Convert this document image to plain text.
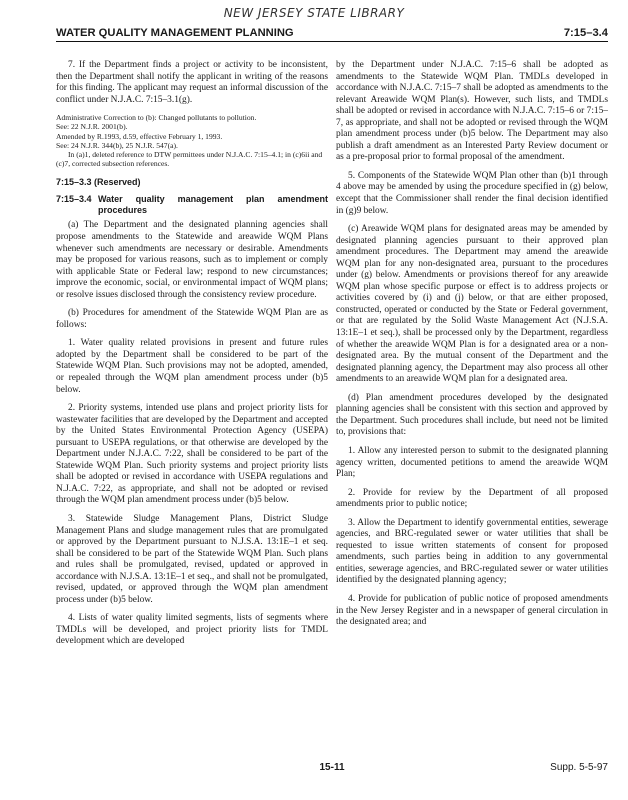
NEW JERSEY STATE LIBRARY
WATER QUALITY MANAGEMENT PLANNING	7:15–3.4

7. If the Department finds a project or activity to be inconsistent, then the Department shall notify the applicant in writing of the reasons for this finding. The applicant may request an informal discussion of the conflict under N.J.A.C. 7:15–3.1(g).

Administrative Correction to (b): Changed pollutants to pollution.
See: 22 N.J.R. 2001(b).
Amended by R.1993, d.59, effective February 1, 1993.
See: 24 N.J.R. 344(b), 25 N.J.R. 547(a).
In (a)1, deleted reference to DTW permittees under N.J.A.C. 7:15–4.1; in (c)6ii and (c)7, corrected subsection references.
7:15–3.3 (Reserved)
7:15–3.4 Water quality management plan amendment procedures

(a) The Department and the designated planning agencies shall propose amendments to the Statewide and areawide WQM Plans whenever such amendments are necessary or desirable. Amendments may be proposed for various reasons, such as to implement or comply with applicable State or Federal law; respond to new circumstances; improve the economic, social, or environmental impact of WQM plans; or resolve issues disclosed through the consistency review procedure.

(b) Procedures for amendment of the Statewide WQM Plan are as follows:

1. Water quality related provisions in present and future rules adopted by the Department shall be considered to be part of the Statewide WQM Plan. Such provisions may not be adopted, amended, or repealed through the WQM plan amendment process under (b)5 below.

2. Priority systems, intended use plans and project priority lists for wastewater facilities that are developed by the Department and accepted by the United States Environmental Protection Agency (USEPA) pursuant to USEPA regulations, or that otherwise are developed by the Department under N.J.A.C. 7:22, shall be considered to be part of the Statewide WQM Plan. Such priority systems and project priority lists shall be adopted or revised in accordance with USEPA regulations and N.J.A.C. 7:22, as appropriate, and shall not be adopted or revised through the WQM plan amendment process under (b)5 below.

3. Statewide Sludge Management Plans, District Sludge Management Plans and sludge management rules that are promulgated or approved by the Department pursuant to N.J.S.A. 13:1E–1 et seq. shall be considered to be part of the Statewide WQM Plan. Such plans and rules shall be promulgated, revised, updated or approved in accordance with N.J.S.A. 13:1E–1 et seq., and shall not be promulgated, revised, updated, or approved through the WQM plan amendment process under (b)5 below.

4. Lists of water quality limited segments, lists of segments where TMDLs will be developed, and project priority lists for TMDL development which are developed

by the Department under N.J.A.C. 7:15–6 shall be adopted as amendments to the Statewide WQM Plan. TMDLs developed in accordance with N.J.A.C. 7:15–7 shall be adopted as amendments to the relevant Areawide WQM Plan(s). However, such lists, and TMDLs shall be adopted or revised in accordance with N.J.A.C. 7:15–6 or 7:15–7, as appropriate, and shall not be adopted or revised through the WQM plan amendment process under (b)5 below. The Department may also publish a draft amendment as an Interested Party Review document or as a pre-proposal prior to formal proposal of the amendment.

5. Components of the Statewide WQM Plan other than (b)1 through 4 above may be amended by using the procedure specified in (g) below, except that the Commissioner shall render the final decision identified in (g)9 below.

(c) Areawide WQM plans for designated areas may be amended by designated planning agencies pursuant to their approved plan amendment procedures. The Department may amend the areawide WQM plan for any non-designated area, pursuant to the procedures under (g) below. Amendments or provisions thereof for any areawide WQM plan whose specific purpose or effect is to address projects or activities covered by (i) and (j) below, or that are either proposed, constructed, operated or conducted by the State or Federal government, or that are regulated by the Solid Waste Management Act (N.J.S.A. 13:1E–1 et seq.), shall be processed only by the Department, regardless of whether the areawide WQM Plan is for a designated area or a non-designated area. By the mutual consent of the Department and the designated planning agency, the Department may also process all other amendments to an areawide WQM plan for a designated area.

(d) Plan amendment procedures developed by the designated planning agencies shall be consistent with this section and approved by the Department. Such procedures shall include, but need not be limited to, provisions that:

1. Allow any interested person to submit to the designated planning agency written, documented petitions to amend the areawide WQM Plan;

2. Provide for review by the Department of all proposed amendments prior to public notice;

3. Allow the Department to identify governmental entities, sewerage agencies, and BRC-regulated sewer or water utilities that shall be requested to issue written statements of consent for proposed amendments, such parties being in addition to any governmental entities, sewerage agencies, and BRC-regulated sewer or water utilities identified by the designated planning agency;

4. Provide for publication of public notice of proposed amendments in the New Jersey Register and in a newspaper of general circulation in the designated area; and

15-11	Supp. 5-5-97
